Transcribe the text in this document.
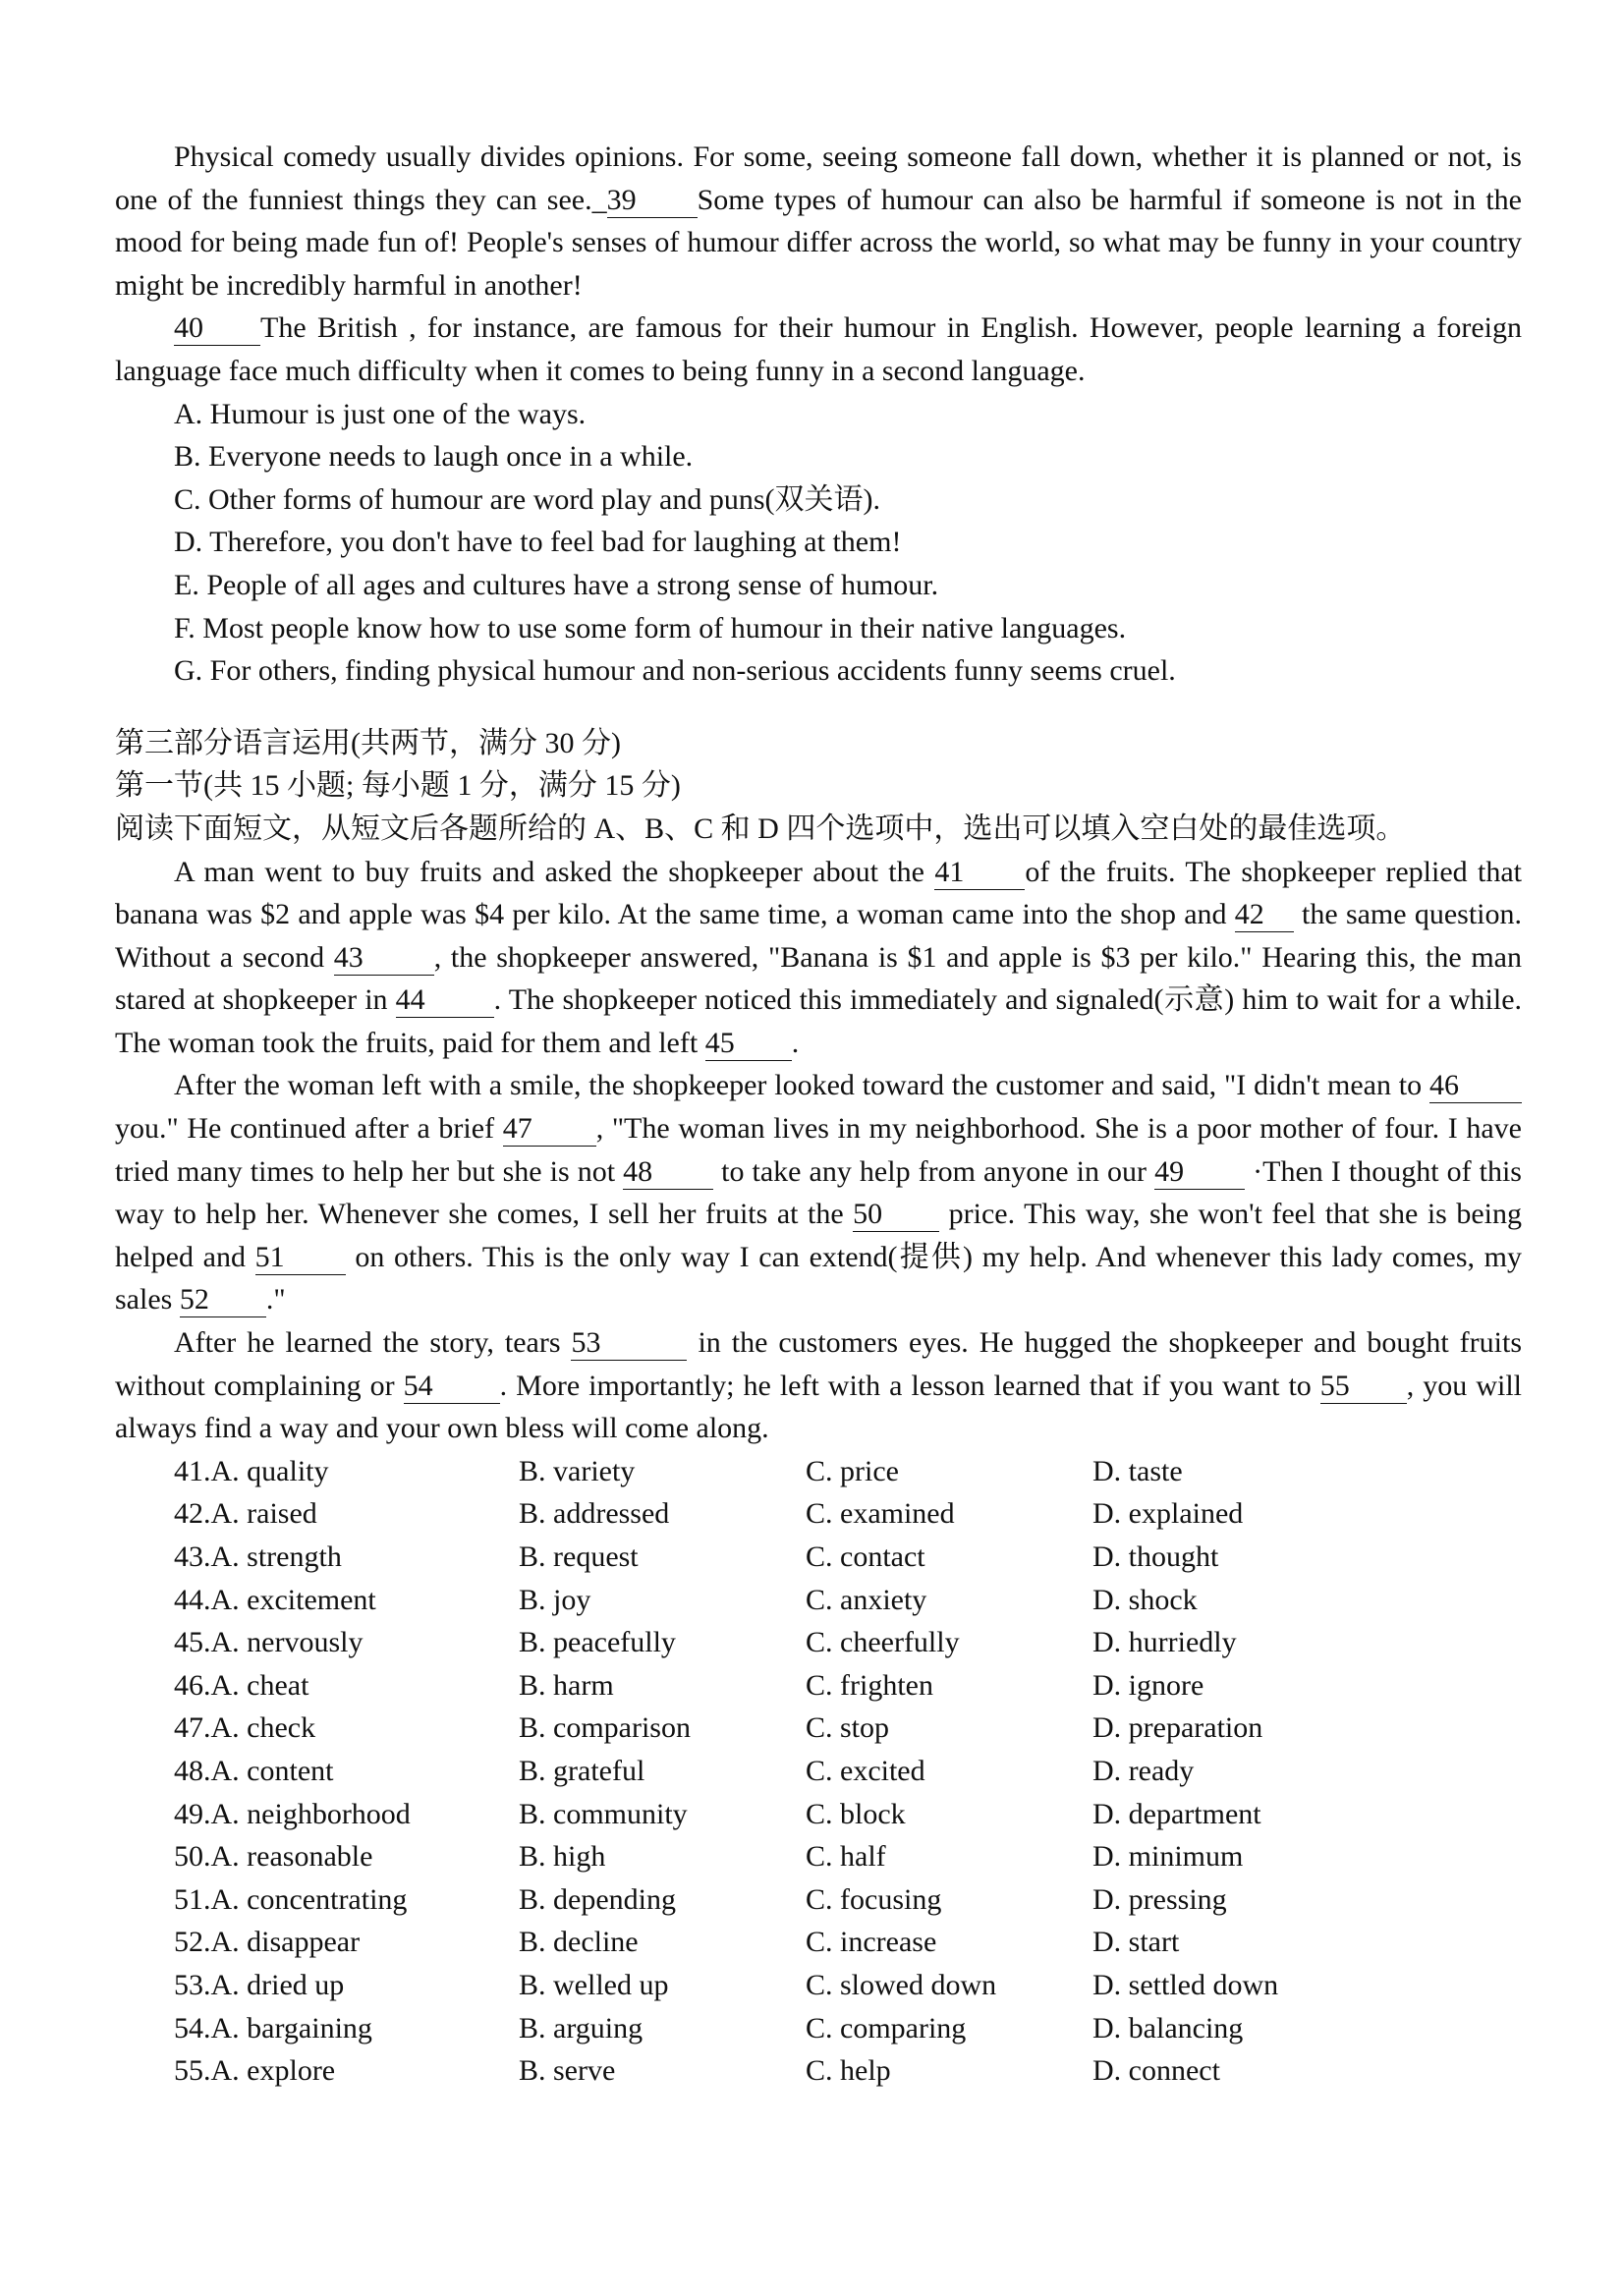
Physical comedy usually divides opinions. For some, seeing someone fall down, whether it is planned or not, is one of the funniest things they can see._39 Some types of humour can also be harmful if someone is not in the mood for being made fun of! People's senses of humour differ across the world, so what may be funny in your country might be incredibly harmful in another!

40 The British , for instance, are famous for their humour in English. However, people learning a foreign language face much difficulty when it comes to being funny in a second language.

A. Humour is just one of the ways.

B. Everyone needs to laugh once in a while.

C. Other forms of humour are word play and puns(双关语).

D. Therefore, you don't have to feel bad for laughing at them!

E. People of all ages and cultures have a strong sense of humour.

F. Most people know how to use some form of humour in their native languages.

G. For others, finding physical humour and non-serious accidents funny seems cruel.

第三部分语言运用(共两节，满分 30 分)

第一节(共 15 小题; 每小题 1 分，满分 15 分)

阅读下面短文，从短文后各题所给的 A、B、C 和 D 四个选项中，选出可以填入空白处的最佳选项。

A man went to buy fruits and asked the shopkeeper about the 41 of the fruits. The shopkeeper replied that banana was $2 and apple was $4 per kilo. At the same time, a woman came into the shop and 42 the same question. Without a second 43 , the shopkeeper answered, "Banana is $1 and apple is $3 per kilo." Hearing this, the man stared at shopkeeper in 44 . The shopkeeper noticed this immediately and signaled(示意) him to wait for a while. The woman took the fruits, paid for them and left 45 .

After the woman left with a smile, the shopkeeper looked toward the customer and said, "I didn't mean to 46you." He continued after a brief 47 , "The woman lives in my neighborhood. She is a poor mother of four. I have tried many times to help her but she is not 48 to take any help from anyone in our 49 ·Then I thought of this way to help her. Whenever she comes, I sell her fruits at the 50 price. This way, she won't feel that she is being helped and 51 on others. This is the only way I can extend(提供) my help. And whenever this lady comes, my sales 52 ."

After he learned the story, tears 53	in the customers eyes. He hugged the shopkeeper and bought fruits without complaining or 54 . More importantly; he left with a lesson learned that if you want to 55 , you will always find a way and your own bless will come along.

41.A. quality	B. variety	C. price	D. taste
42.A. raised	B. addressed	C. examined	D. explained
43.A. strength	B. request	C. contact	D. thought
44.A. excitement	B. joy	C. anxiety	D. shock
45.A. nervously	B. peacefully	C. cheerfully	D. hurriedly
46.A. cheat	B. harm	C. frighten	D. ignore
47.A. check	B. comparison	C. stop	D. preparation
48.A. content	B. grateful	C. excited	D. ready
49.A. neighborhood	B. community	C. block	D. department
50.A. reasonable	B. high	C. half	D. minimum
51.A. concentrating	B. depending	C. focusing	D. pressing
52.A. disappear	B. decline	C. increase	D. start
53.A. dried up	B. welled up	C. slowed down	D. settled down
54.A. bargaining	B. arguing	C. comparing	D. balancing
55.A. explore	B. serve	C. help	D. connect
